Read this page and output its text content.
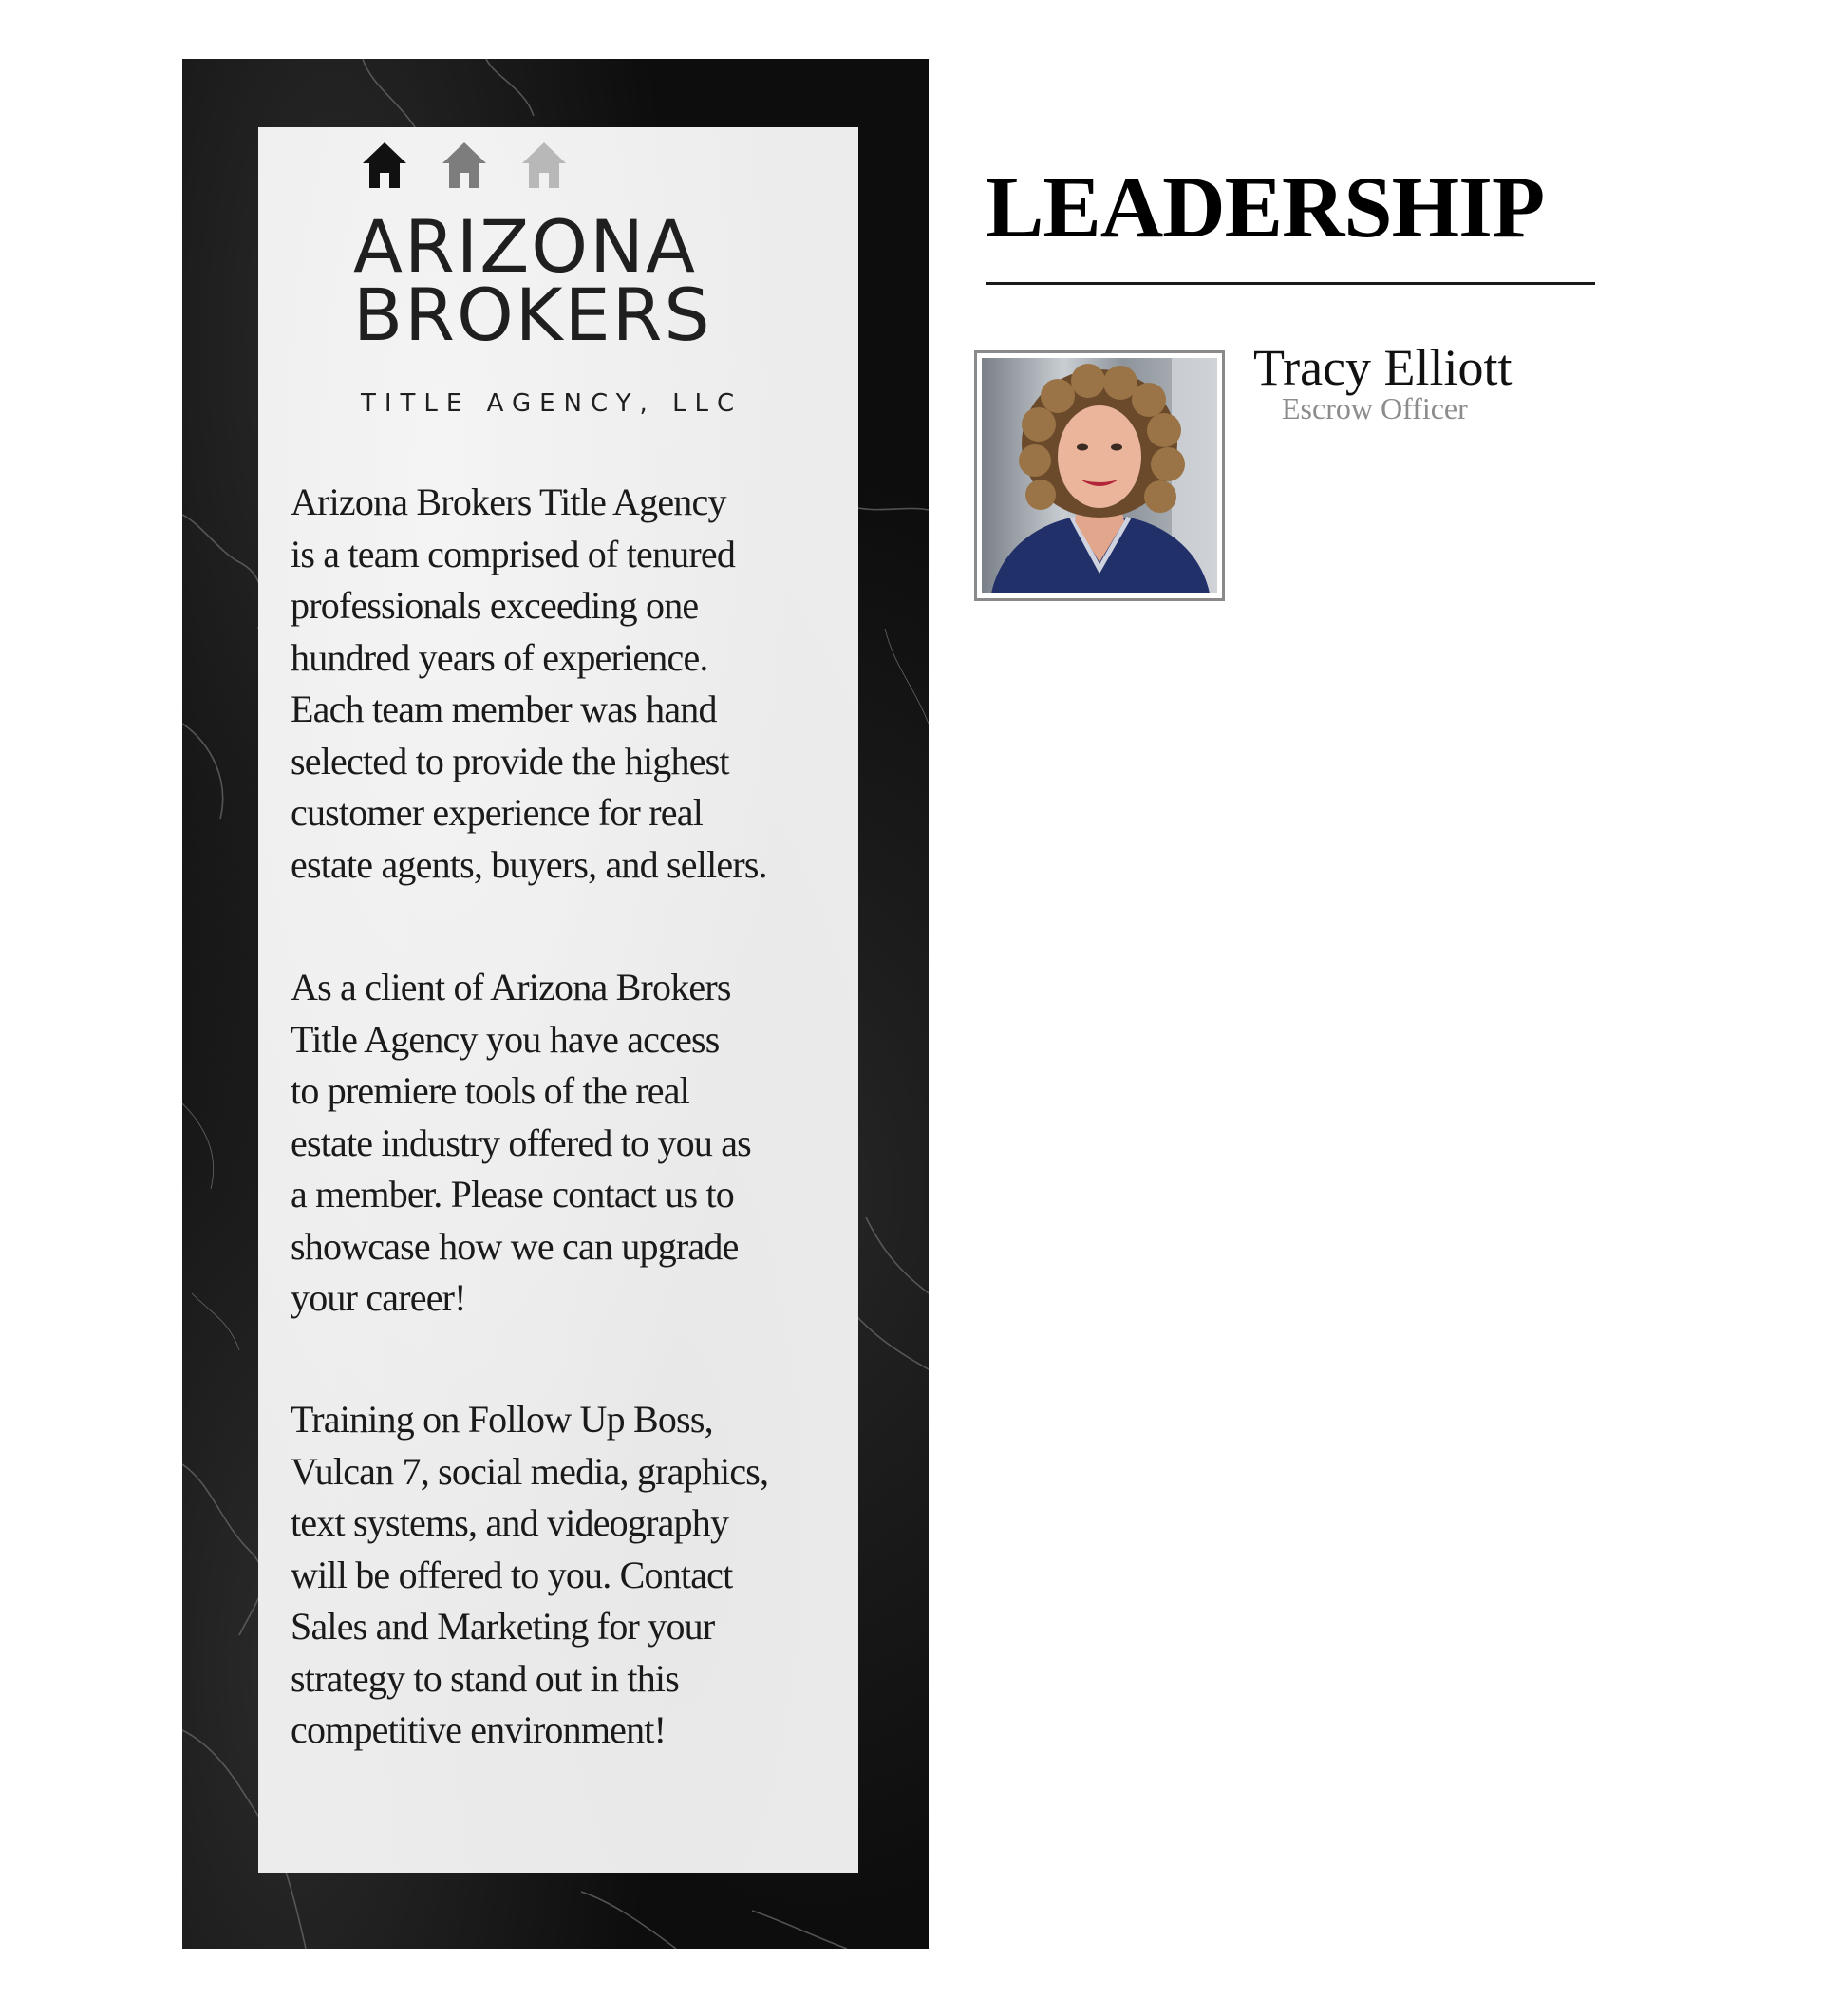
ARIZONA
BROKERS
TITLE AGENCY, LLC
Arizona Brokers Title Agency
is a team comprised of tenured
professionals exceeding one
hundred years of experience.
Each team member was hand
selected to provide the highest
customer experience for real
estate agents, buyers, and sellers.
As a client of Arizona Brokers
Title Agency you have access
to premiere tools of the real
estate industry offered to you as
a member. Please contact us to
showcase how we can upgrade
your career!
Training on Follow Up Boss,
Vulcan 7, social media, graphics,
text systems, and videography
will be offered to you. Contact
Sales and Marketing for your
strategy to stand out in this
competitive environment!
LEADERSHIP
Tracy Elliott
Escrow Officer
